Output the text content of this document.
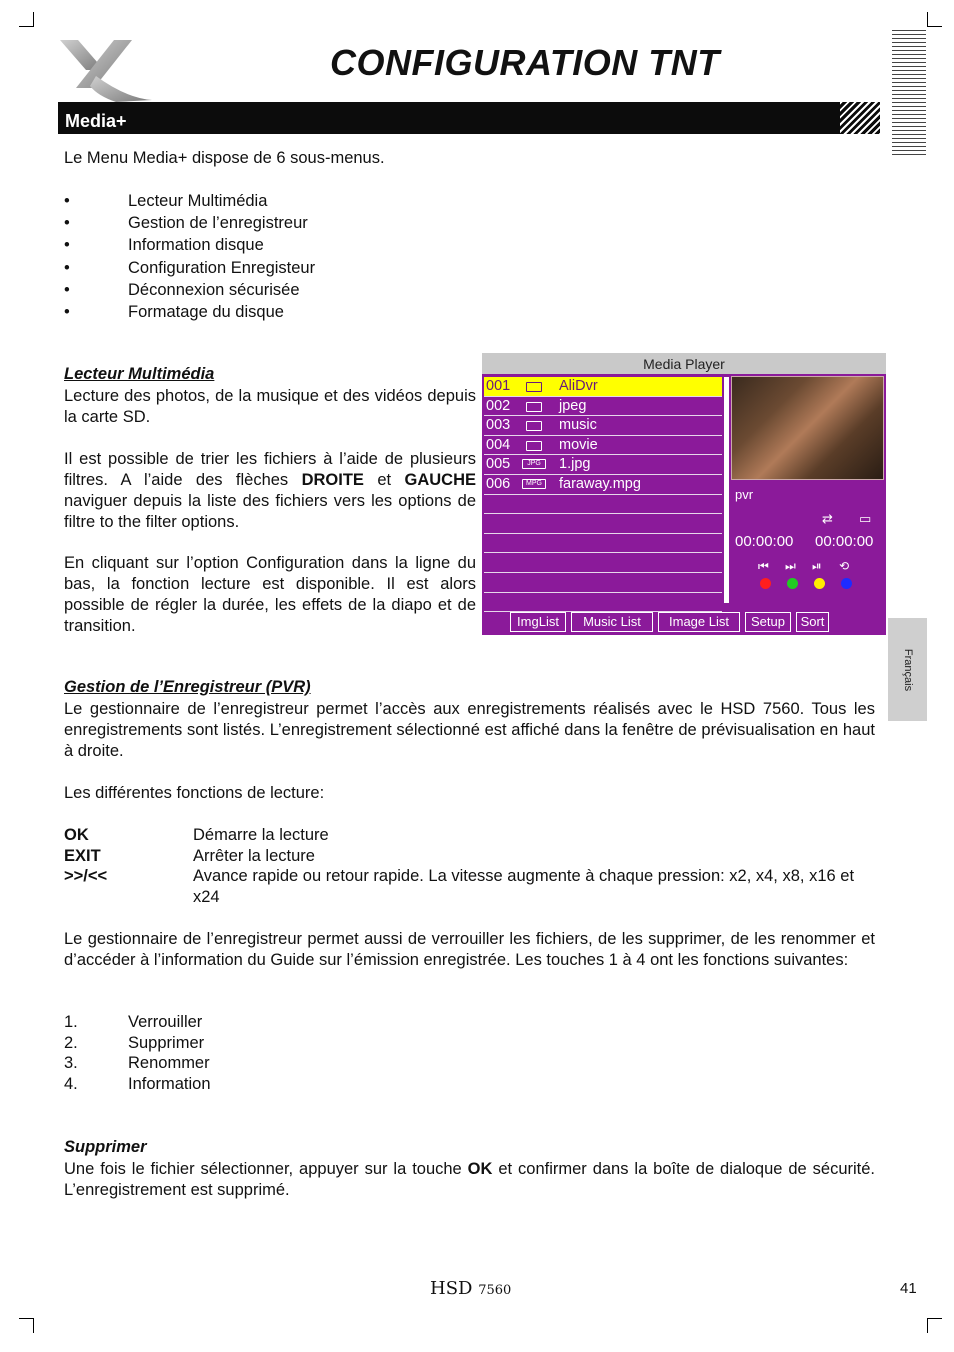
CONFIGURATION TNT
Media+
Le Menu Media+ dispose de 6 sous-menus.
• Lecteur Multimédia
• Gestion de l’enregistreur
• Information disque
• Configuration Enregisteur
• Déconnexion sécurisée
• Formatage du disque
Lecteur Multimédia
Lecture des photos, de la musique et des vidéos depuis la carte SD.
Il est possible de trier les fichiers à l’aide de plusieurs filtres. A l’aide des flèches DROITE et GAUCHE naviguer depuis la liste des fichiers vers les options de filtre to the filter options.
En cliquant sur l’option Configuration dans la ligne du bas, la fonction lecture est disponible. Il est alors possible de régler la durée, les effets de la diapo et de transition.
Media Player
001	AliDvr
002	jpeg
003	music
004	movie
005	JPG	1.jpg
006	MPG faraway.mpg
pvr
⇄ ▭
00:00:00 00:00:00
⏮ ⏭ ⏯ ⟲
ImgList	Music List	Image List	Setup	Sort
Français
Gestion de l’Enregistreur (PVR)
Le gestionnaire de l’enregistreur permet l’accès aux enregistrements réalisés avec le HSD 7560. Tous les enregistrements sont listés. L’enregistrement sélectionné est affiché dans la fenêtre de prévisualisation en haut à droite.
Les différentes fonctions de lecture:
OK	Démarre la lecture
EXIT	Arrêter la lecture
>>/<<	Avance rapide ou retour rapide. La vitesse augmente à chaque pression: x2, x4, x8, x16 et x24
Le gestionnaire de l’enregistreur permet aussi de verrouiller les fichiers, de les supprimer, de les renommer et d’accéder à l’information du Guide sur l’émission enregistrée. Les touches 1 à 4 ont les fonctions suivantes:
1.	Verrouiller
2.	Supprimer
3.	Renommer
4.	Information
Supprimer
Une fois le fichier sélectionner, appuyer sur la touche OK et confirmer dans la boîte de dialoque de sécurité. L’enregistrement est supprimé.
HSD 7560	41
